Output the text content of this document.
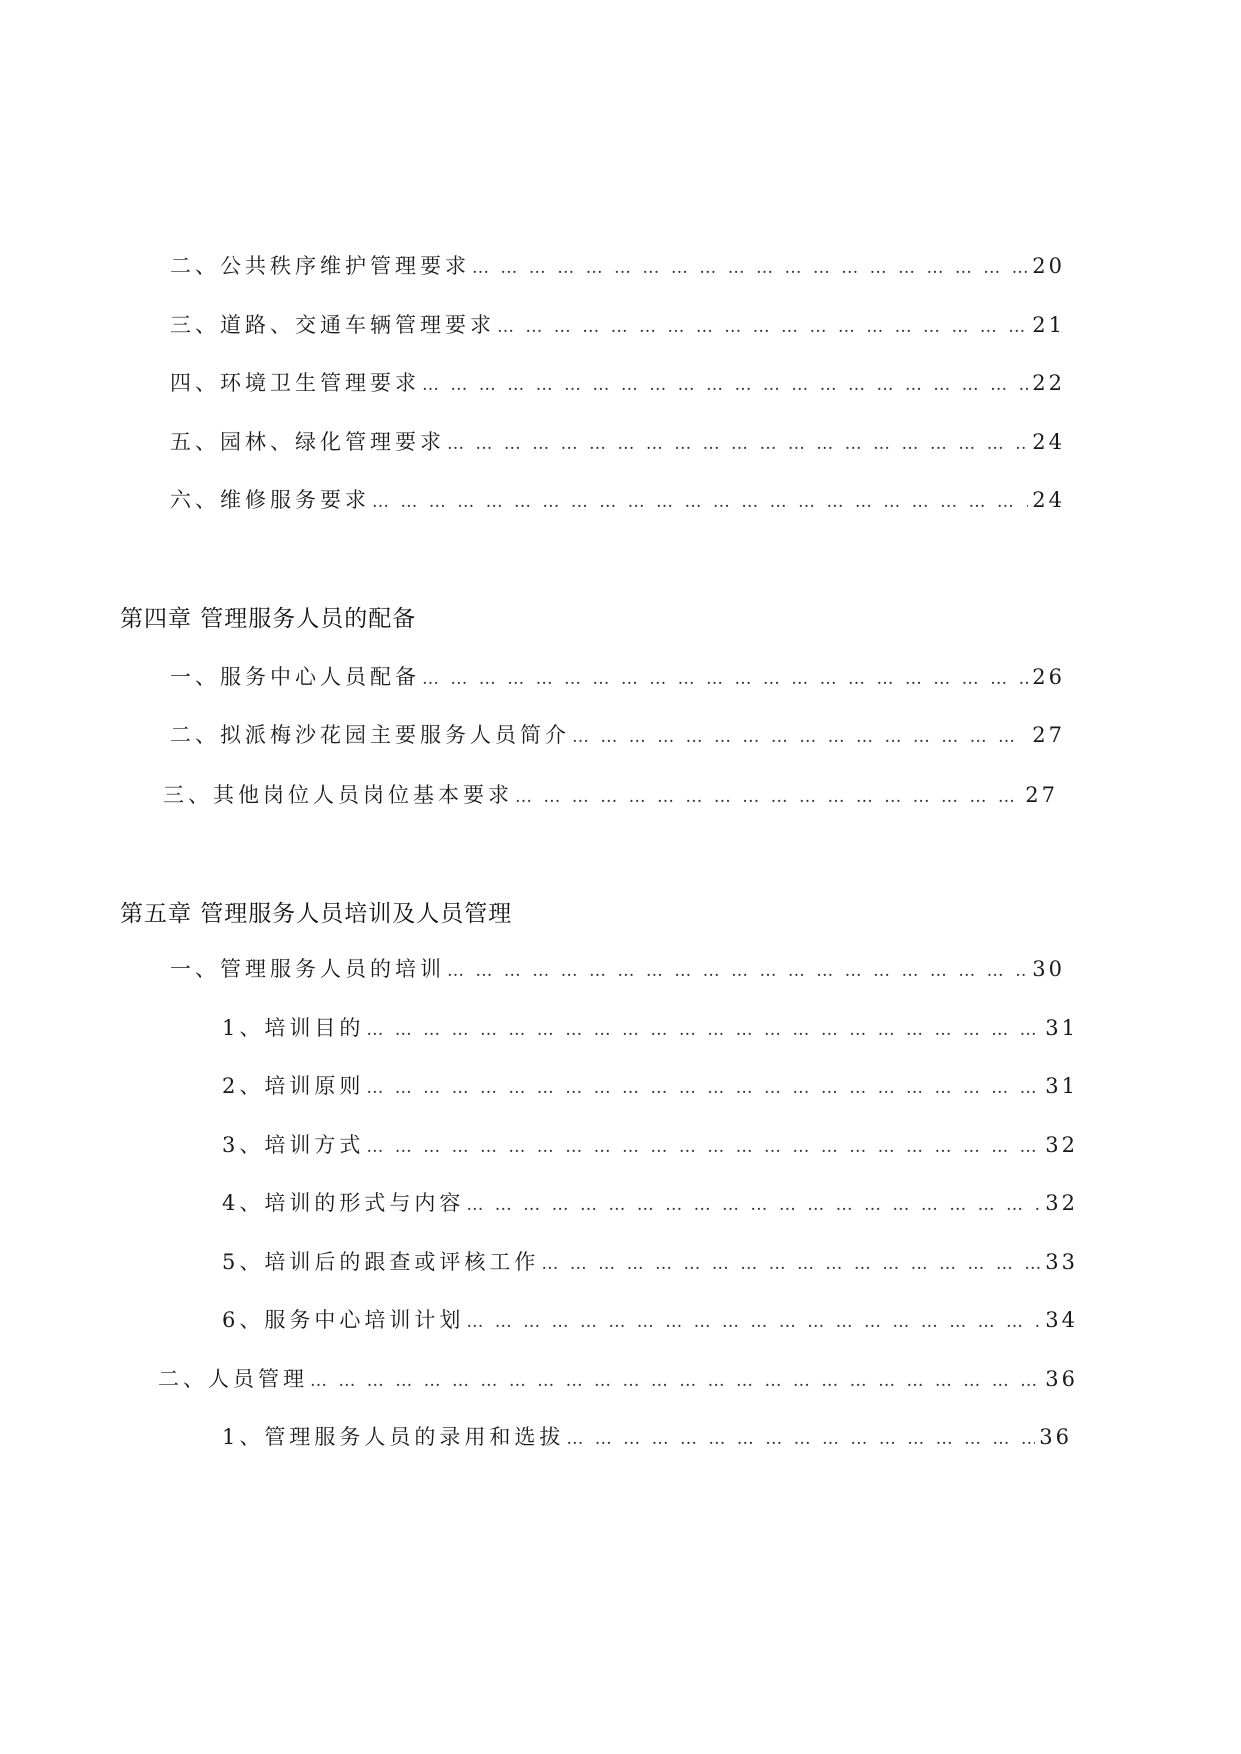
二、公共秩序维护管理要求 … … … … … … … … … … … … … … … … … … … … … … … … … … … … … … … … … … … … … … … … … … … … … … … …	20
三、道路、交通车辆管理要求 … … … … … … … … … … … … … … … … … … … … … … … … … … … … … … … … … … … … … … … … … … … … … … … …	21
四、环境卫生管理要求 … … … … … … … … … … … … … … … … … … … … … … … … … … … … … … … … … … … … … … … … … … … … … … … …	22
五、园林、绿化管理要求 … … … … … … … … … … … … … … … … … … … … … … … … … … … … … … … … … … … … … … … … … … … … … … … …	24
六、维修服务要求 … … … … … … … … … … … … … … … … … … … … … … … … … … … … … … … … … … … … … … … … … … … … … … … …	24
第四章 管理服务人员的配备
一、服务中心人员配备 … … … … … … … … … … … … … … … … … … … … … … … … … … … … … … … … … … … … … … … … … … … … … … … …	26
二、拟派梅沙花园主要服务人员简介 … … … … … … … … … … … … … … … … … … … … … … … … … … … … … … … … … … … … … … … … … … … … … … … …	27
三、其他岗位人员岗位基本要求 … … … … … … … … … … … … … … … … … … … … … … … … … … … … … … … … … … … … … … … … … … … … … … … …	27
第五章 管理服务人员培训及人员管理
一、管理服务人员的培训 … … … … … … … … … … … … … … … … … … … … … … … … … … … … … … … … … … … … … … … … … … … … … … … …	30
1、培训目的 … … … … … … … … … … … … … … … … … … … … … … … … … … … … … … … … … … … … … … … … … … … … … … … …	31
2、培训原则 … … … … … … … … … … … … … … … … … … … … … … … … … … … … … … … … … … … … … … … … … … … … … … … …	31
3、培训方式 … … … … … … … … … … … … … … … … … … … … … … … … … … … … … … … … … … … … … … … … … … … … … … … …	32
4、培训的形式与内容 … … … … … … … … … … … … … … … … … … … … … … … … … … … … … … … … … … … … … … … … … … … … … … … …	32
5、培训后的跟查或评核工作 … … … … … … … … … … … … … … … … … … … … … … … … … … … … … … … … … … … … … … … … … … … … … … … …	33
6、服务中心培训计划 … … … … … … … … … … … … … … … … … … … … … … … … … … … … … … … … … … … … … … … … … … … … … … … …	34
二、人员管理 … … … … … … … … … … … … … … … … … … … … … … … … … … … … … … … … … … … … … … … … … … … … … … … …	36
1、管理服务人员的录用和选拔 … … … … … … … … … … … … … … … … … … … … … … … … … … … … … … … … … … … … … … … … … … … … … … … …	36
